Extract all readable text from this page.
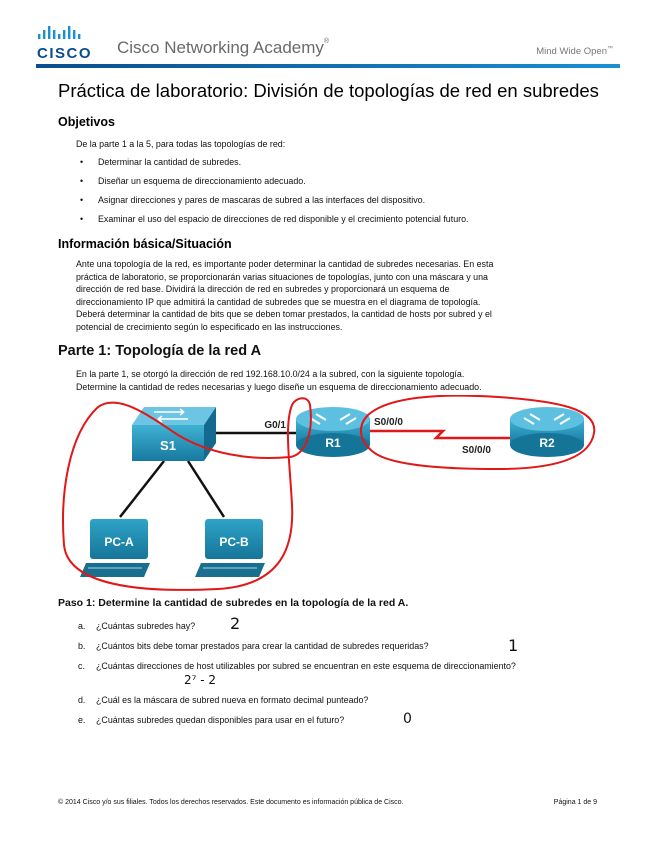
CISCO Cisco Networking Academy®
Mind Wide Open™
Práctica de laboratorio: División de topologías de red en subredes
Objetivos
De la parte 1 a la 5, para todas las topologías de red:
• Determinar la cantidad de subredes.
• Diseñar un esquema de direccionamiento adecuado.
• Asignar direcciones y pares de mascaras de subred a las interfaces del dispositivo.
• Examinar el uso del espacio de direcciones de red disponible y el crecimiento potencial futuro.
Información básica/Situación
Ante una topología de la red, es importante poder determinar la cantidad de subredes necesarias. En esta
práctica de laboratorio, se proporcionarán varias situaciones de topologías, junto con una máscara y una
dirección de red base. Dividirá la dirección de red en subredes y proporcionará un esquema de
direccionamiento IP que admitirá la cantidad de subredes que se muestra en el diagrama de topología.
Deberá determinar la cantidad de bits que se deben tomar prestados, la cantidad de hosts por subred y el
potencial de crecimiento según lo especificado en las instrucciones.
Parte 1: Topología de la red A
En la parte 1, se otorgó la dirección de red 192.168.10.0/24 a la subred, con la siguiente topología.
Determine la cantidad de redes necesarias y luego diseñe un esquema de direccionamiento adecuado.
S1	R1	R2
G0/1	S0/0/0
S0/0/0
PC-A	PC-B
Paso 1: Determine la cantidad de subredes en la topología de la red A.
a. ¿Cuántas subredes hay? 2
b. ¿Cuántos bits debe tomar prestados para crear la cantidad de subredes requeridas?	1
c. ¿Cuántas direcciones de host utilizables por subred se encuentran en este esquema de direccionamiento?
2⁷ - 2
d. ¿Cuál es la máscara de subred nueva en formato decimal punteado?
e. ¿Cuántas subredes quedan disponibles para usar en el futuro?	0
© 2014 Cisco y/o sus filiales. Todos los derechos reservados. Este documento es información pública de Cisco.	Página 1 de 9
